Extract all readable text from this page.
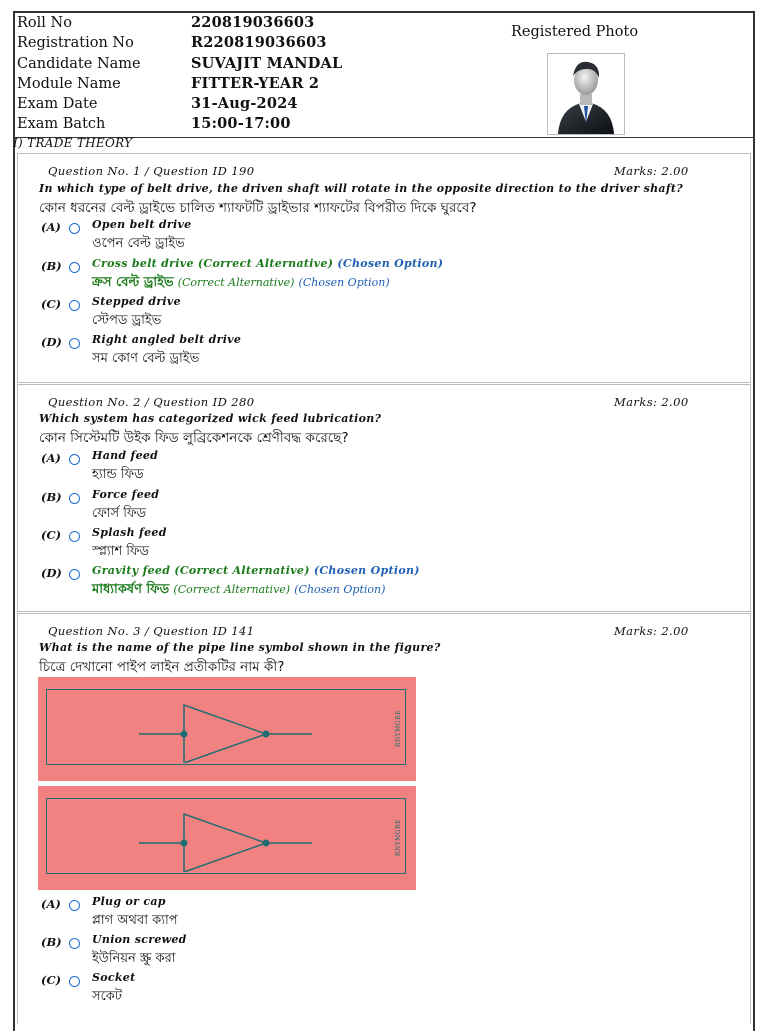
Roll No	220819036603
Registration No	R220819036603
Candidate Name	SUVAJIT MANDAL
Module Name	FITTER-YEAR 2
Exam Date	31-Aug-2024
Exam Batch	15:00-17:00
Registered Photo
I) TRADE THEORY
Question No. 1 / Question ID 190	Marks: 2.00
In which type of belt drive, the driven shaft will rotate in the opposite direction to the driver shaft?
কোন ধরনের বেল্ট ড্রাইভে চালিত শ্যাফটটি ড্রাইভার শ্যাফটের বিপরীত দিকে ঘুরবে?
(A)	Open belt drive
ওপেন বেল্ট ড্রাইভ
(B)	Cross belt drive (Correct Alternative) (Chosen Option)
ক্রস বেল্ট ড্রাইভ (Correct Alternative) (Chosen Option)
(C)	Stepped drive
স্টেপড ড্রাইভ
(D)	Right angled belt drive
সম কোণ বেল্ট ড্রাইভ
Question No. 2 / Question ID 280	Marks: 2.00
Which system has categorized wick feed lubrication?
কোন সিস্টেমটি উইক ফিড লুব্রিকেশনকে শ্রেণীবদ্ধ করেছে?
(A)	Hand feed
হ্যান্ড ফিড
(B)	Force feed
ফোর্স ফিড
(C)	Splash feed
স্প্ল্যাশ ফিড
(D)	Gravity feed (Correct Alternative) (Chosen Option)
মাধ্যাকর্ষণ ফিড (Correct Alternative) (Chosen Option)
Question No. 3 / Question ID 141	Marks: 2.00
What is the name of the pipe line symbol shown in the figure?
চিত্রে দেখানো পাইপ লাইন প্রতীকটির নাম কী?
(A)	Plug or cap
প্লাগ অথবা ক্যাপ
(B)	Union screwed
ইউনিয়ন স্ক্রু করা
(C)	Socket
সকেট
RNYMGRE
RNYMGRE
